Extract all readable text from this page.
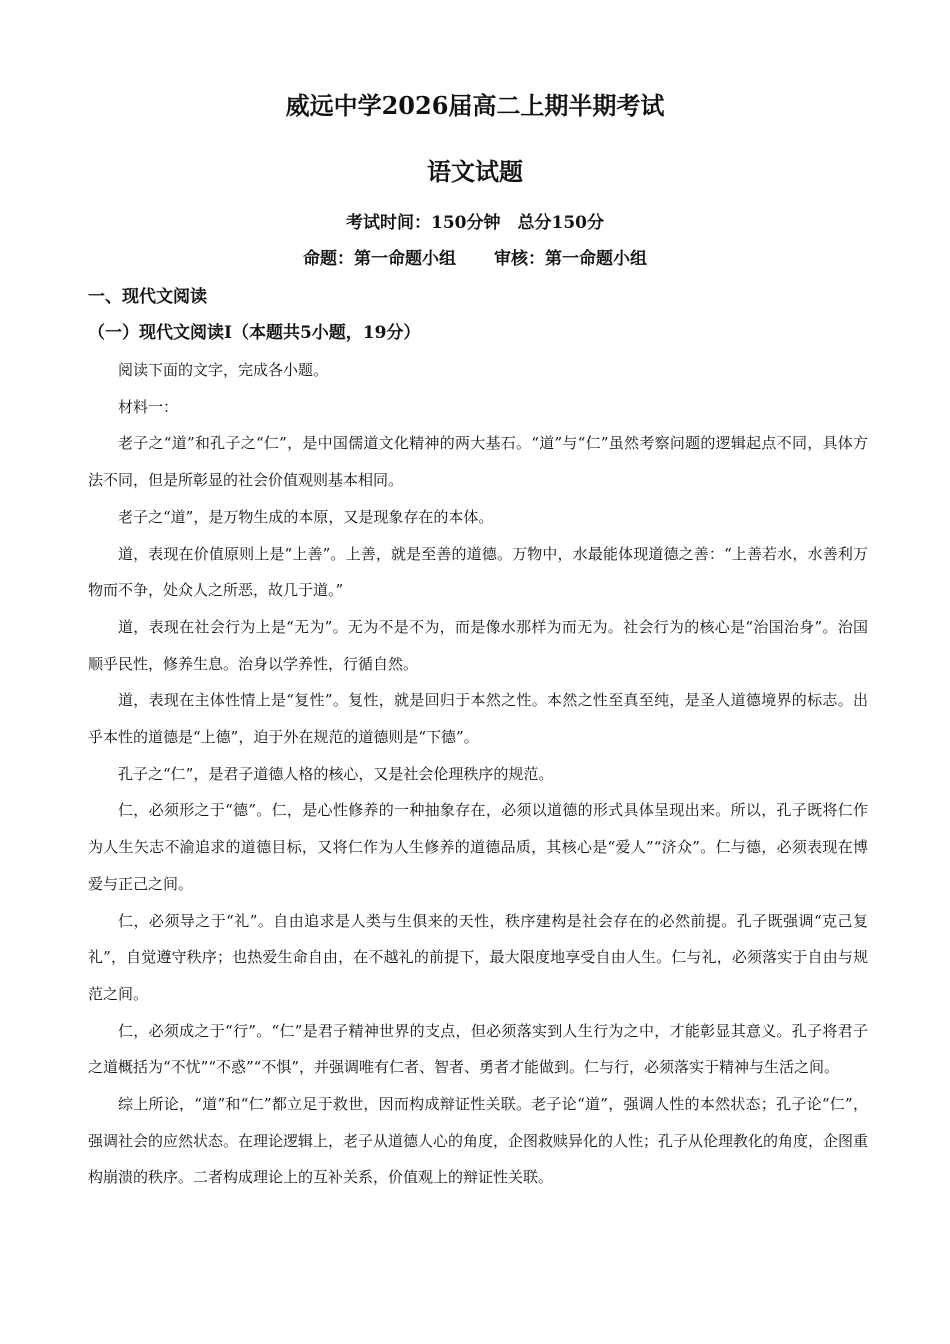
威远中学2026届高二上期半期考试
语文试题
考试时间：150分钟　总分150分
命题：第一命题小组 审核：第一命题小组
一、现代文阅读
（一）现代文阅读Ⅰ（本题共5小题，19分）

阅读下面的文字，完成各小题。

材料一：

老子之“道”和孔子之“仁”，是中国儒道文化精神的两大基石。“道”与“仁”虽然考察问题的逻辑起点不同，具体方法不同，但是所彰显的社会价值观则基本相同。

老子之“道”，是万物生成的本原，又是现象存在的本体。

道，表现在价值原则上是“上善”。上善，就是至善的道德。万物中，水最能体现道德之善：“上善若水，水善利万物而不争，处众人之所恶，故几于道。”

道，表现在社会行为上是“无为”。无为不是不为，而是像水那样为而无为。社会行为的核心是“治国治身”。治国顺乎民性，修养生息。治身以学养性，行循自然。

道，表现在主体性情上是“复性”。复性，就是回归于本然之性。本然之性至真至纯，是圣人道德境界的标志。出乎本性的道德是“上德”，迫于外在规范的道德则是“下德”。

孔子之“仁”，是君子道德人格的核心，又是社会伦理秩序的规范。

仁，必须形之于“德”。仁，是心性修养的一种抽象存在，必须以道德的形式具体呈现出来。所以，孔子既将仁作为人生矢志不渝追求的道德目标，又将仁作为人生修养的道德品质，其核心是“爱人”“济众”。仁与德，必须表现在博爱与正己之间。

仁，必须导之于“礼”。自由追求是人类与生俱来的天性，秩序建构是社会存在的必然前提。孔子既强调“克己复礼”，自觉遵守秩序；也热爱生命自由，在不越礼的前提下，最大限度地享受自由人生。仁与礼，必须落实于自由与规范之间。

仁，必须成之于“行”。“仁”是君子精神世界的支点，但必须落实到人生行为之中，才能彰显其意义。孔子将君子之道概括为“不忧”“不惑”“不惧”，并强调唯有仁者、智者、勇者才能做到。仁与行，必须落实于精神与生活之间。

综上所论，“道”和“仁”都立足于救世，因而构成辩证性关联。老子论“道”，强调人性的本然状态；孔子论“仁”，强调社会的应然状态。在理论逻辑上，老子从道德人心的角度，企图救赎异化的人性；孔子从伦理教化的角度，企图重构崩溃的秩序。二者构成理论上的互补关系，价值观上的辩证性关联。
